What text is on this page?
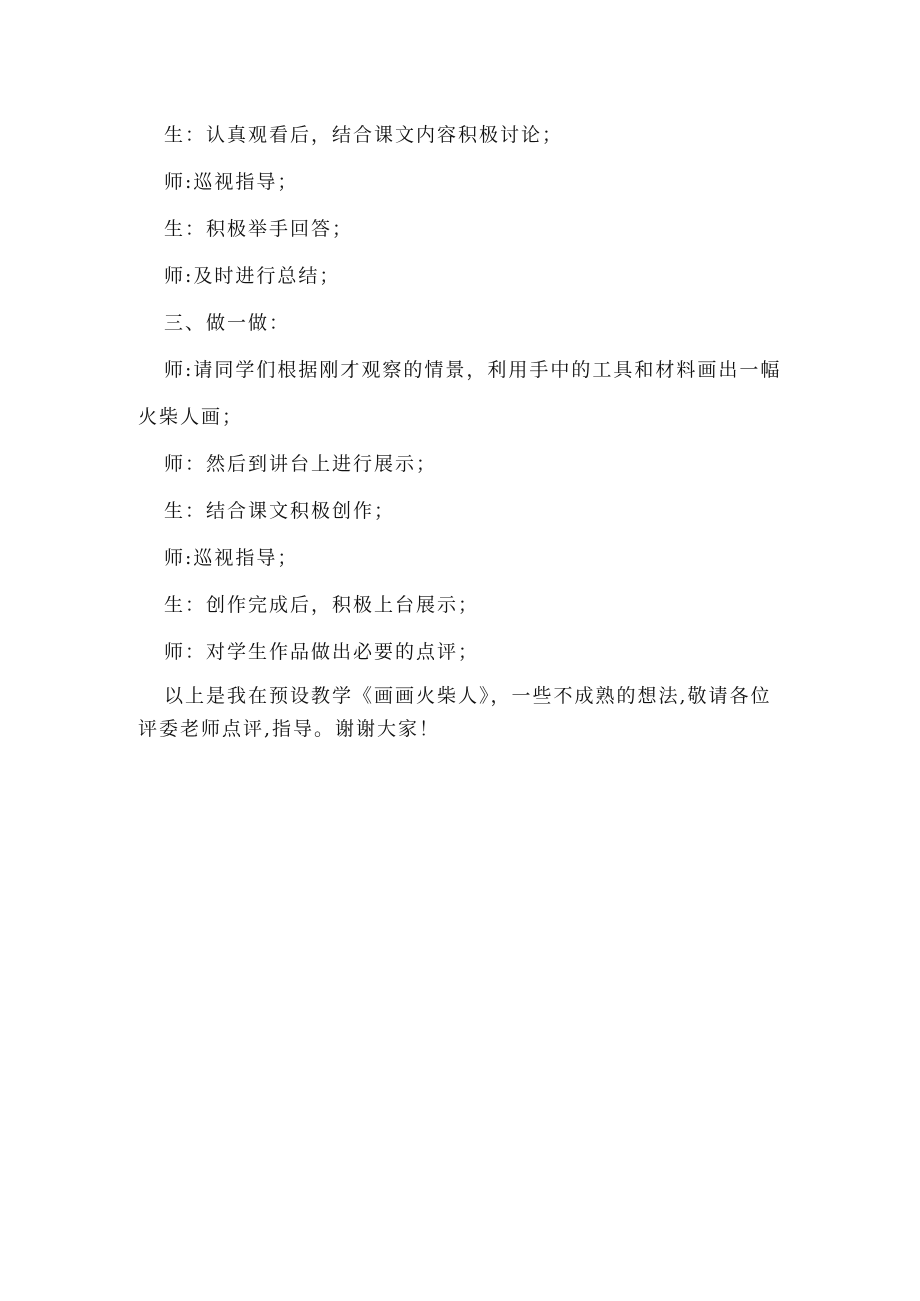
生：认真观看后，结合课文内容积极讨论；

师:巡视指导；

生：积极举手回答；

师:及时进行总结；

三、做一做：

师:请同学们根据刚才观察的情景，利用手中的工具和材料画出一幅火柴人画；

师：然后到讲台上进行展示；

生：结合课文积极创作；

师:巡视指导；

生：创作完成后，积极上台展示；

师：对学生作品做出必要的点评；

以上是我在预设教学《画画火柴人》，一些不成熟的想法,敬请各位评委老师点评,指导。谢谢大家！
